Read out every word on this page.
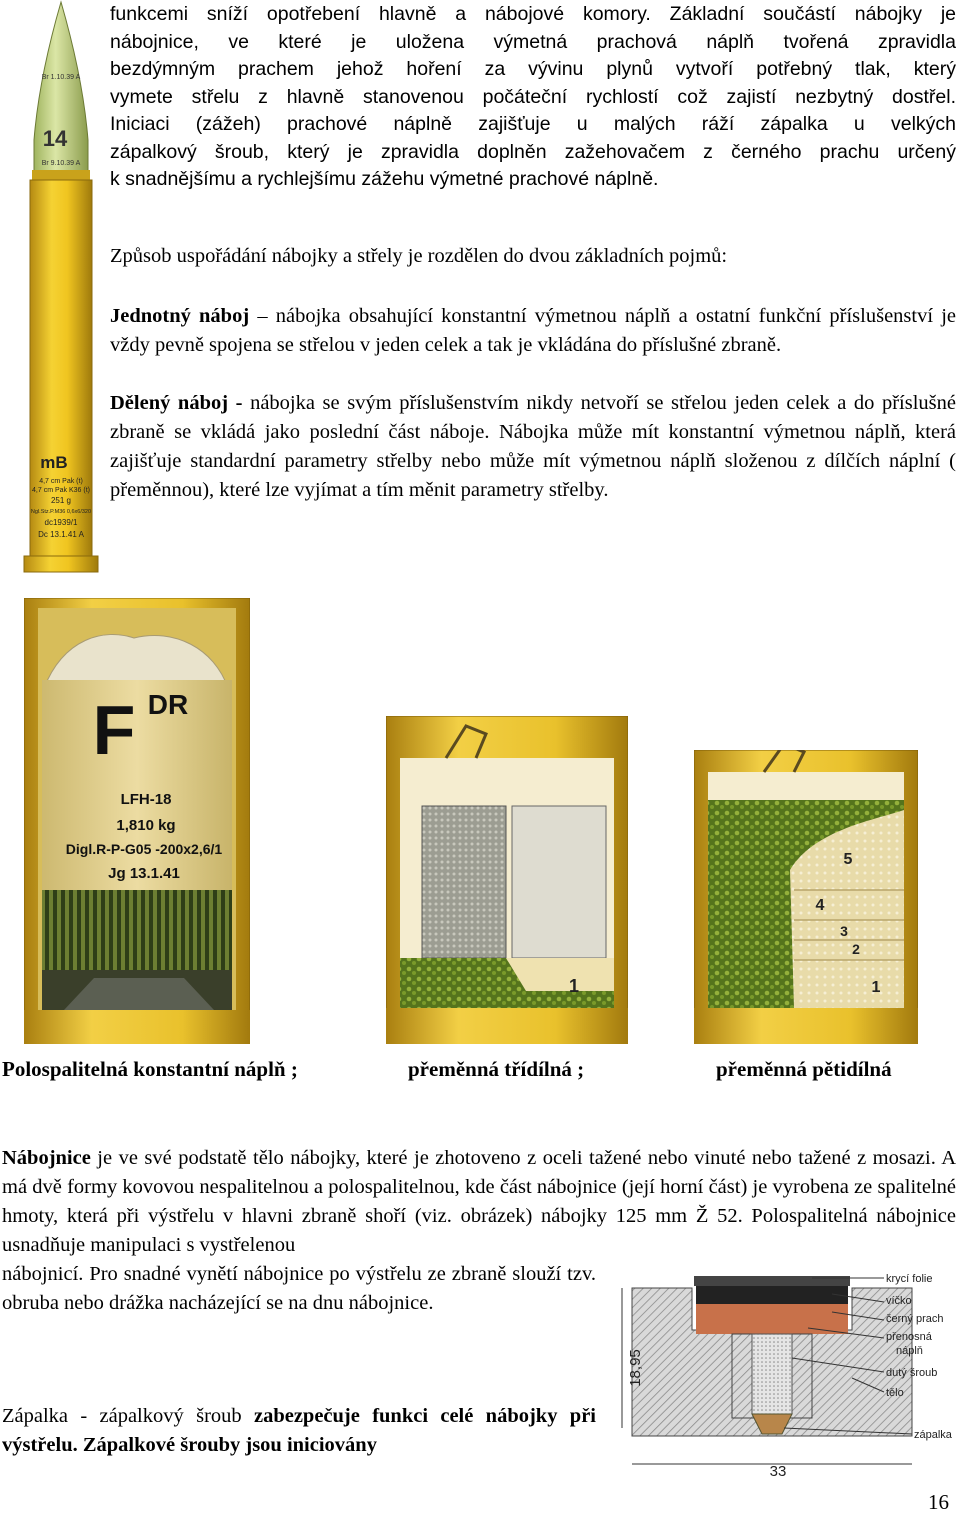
Br 1.10.39 A
14
Br 9.10.39 A
mB
4,7 cm Pak (t)
4,7 cm Pak K36 (t)
251 g
Ngl.Stz.P.M36 0,6x6/320
dc1939/1
Dc 13.1.41 A
funkcemi sníží opotřebení hlavně a nábojové komory. Základní součástí nábojky je
nábojnice, ve které je uložena výmetná prachová náplň tvořená zpravidla
bezdýmným prachem jehož hoření za vývinu plynů vytvoří potřebný tlak, který
vymete střelu z hlavně stanovenou počáteční rychlostí což zajistí nezbytný dostřel.
Iniciaci (zážeh) prachové náplně zajišťuje u malých ráží zápalka u velkých
zápalkový šroub, který je zpravidla doplněn zažehovačem z černého prachu určený
k snadnějšímu a rychlejšímu zážehu výmetné prachové náplně.
Způsob uspořádání nábojky a střely je rozdělen do dvou základních pojmů:

Jednotný náboj – nábojka obsahující konstantní výmetnou náplň a ostatní funkční příslušenství je vždy pevně spojena se střelou v jeden celek a tak je vkládána do příslušné zbraně.

Dělený náboj - nábojka se svým příslušenstvím nikdy netvoří se střelou jeden celek a do příslušné zbraně se vkládá jako poslední část náboje. Nábojka může mít konstantní výmetnou náplň, která zajišťuje standardní parametry střelby nebo může mít výmetnou náplň složenou z dílčích náplní ( přeměnnou), které lze vyjímat a tím měnit parametry střelby.

F DR
LFH-18
1,810 kg
Digl.R-P-G05 -200x2,6/1
Jg 13.1.41
1
5
4
3
2
1
Polospalitelná konstantní náplň ;	přeměnná třídílná ;	přeměnná pětidílná

Nábojnice je ve své podstatě tělo nábojky, které je zhotoveno z oceli tažené nebo vinuté nebo tažené z mosazi. A má dvě formy kovovou nespalitelnou a polospalitelnou, kde část nábojnice (její horní část) je vyrobena ze spalitelné hmoty, která při výstřelu v hlavni zbraně shoří (viz. obrázek) nábojky 125 mm Ž 52. Polospalitelná nábojnice usnadňuje manipulaci s vystřelenou

nábojnicí. Pro snadné vynětí nábojnice po výstřelu ze zbraně slouží tzv. obruba nebo drážka nacházející se na dnu nábojnice.

Zápalka - zápalkový šroub zabezpečuje funkci celé nábojky při výstřelu. Zápalkové šrouby jsou iniciovány

18,95
33
krycí folie
víčko
černý prach
přenosná
náplň
dutý šroub
tělo
zápalka
16
